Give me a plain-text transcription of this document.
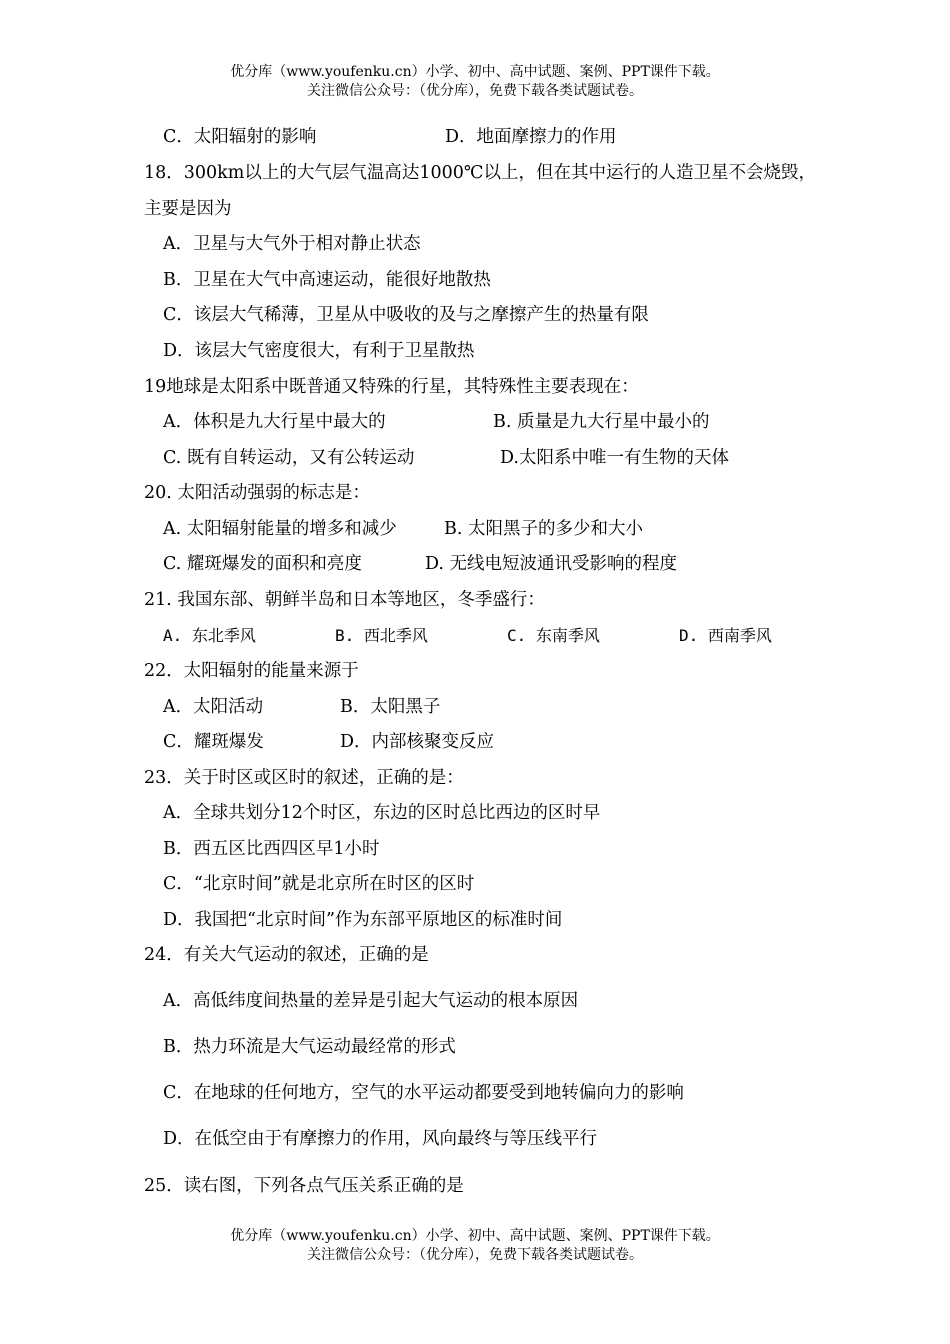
优分库（www.youfenku.cn）小学、初中、高中试题、案例、PPT课件下载。
关注微信公众号：（优分库），免费下载各类试题试卷。
C．太阳辐射的影响	D．地面摩擦力的作用
18．300km以上的大气层气温高达1000℃以上，但在其中运行的人造卫星不会烧毁，
主要是因为
A．卫星与大气外于相对静止状态
B．卫星在大气中高速运动，能很好地散热
C．该层大气稀薄，卫星从中吸收的及与之摩擦产生的热量有限
D．该层大气密度很大，有利于卫星散热
19地球是太阳系中既普通又特殊的行星，其特殊性主要表现在：
A．体积是九大行星中最大的	B. 质量是九大行星中最小的
C. 既有自转运动，又有公转运动	D.太阳系中唯一有生物的天体
20. 太阳活动强弱的标志是：
A. 太阳辐射能量的增多和减少	B. 太阳黑子的多少和大小
C. 耀斑爆发的面积和亮度	D. 无线电短波通讯受影响的程度
21. 我国东部、朝鲜半岛和日本等地区，冬季盛行：
A. 东北季风	B. 西北季风	C. 东南季风	D. 西南季风
22．太阳辐射的能量来源于
A．太阳活动	B．太阳黑子
C．耀斑爆发	D．内部核聚变反应
23．关于时区或区时的叙述，正确的是：
A．全球共划分12个时区，东边的区时总比西边的区时早
B．西五区比西四区早1小时
C．“北京时间”就是北京所在时区的区时
D．我国把“北京时间”作为东部平原地区的标准时间
24．有关大气运动的叙述，正确的是
A．高低纬度间热量的差异是引起大气运动的根本原因
B．热力环流是大气运动最经常的形式
C．在地球的任何地方，空气的水平运动都要受到地转偏向力的影响
D．在低空由于有摩擦力的作用，风向最终与等压线平行
25．读右图，下列各点气压关系正确的是
优分库（www.youfenku.cn）小学、初中、高中试题、案例、PPT课件下载。
关注微信公众号：（优分库），免费下载各类试题试卷。
